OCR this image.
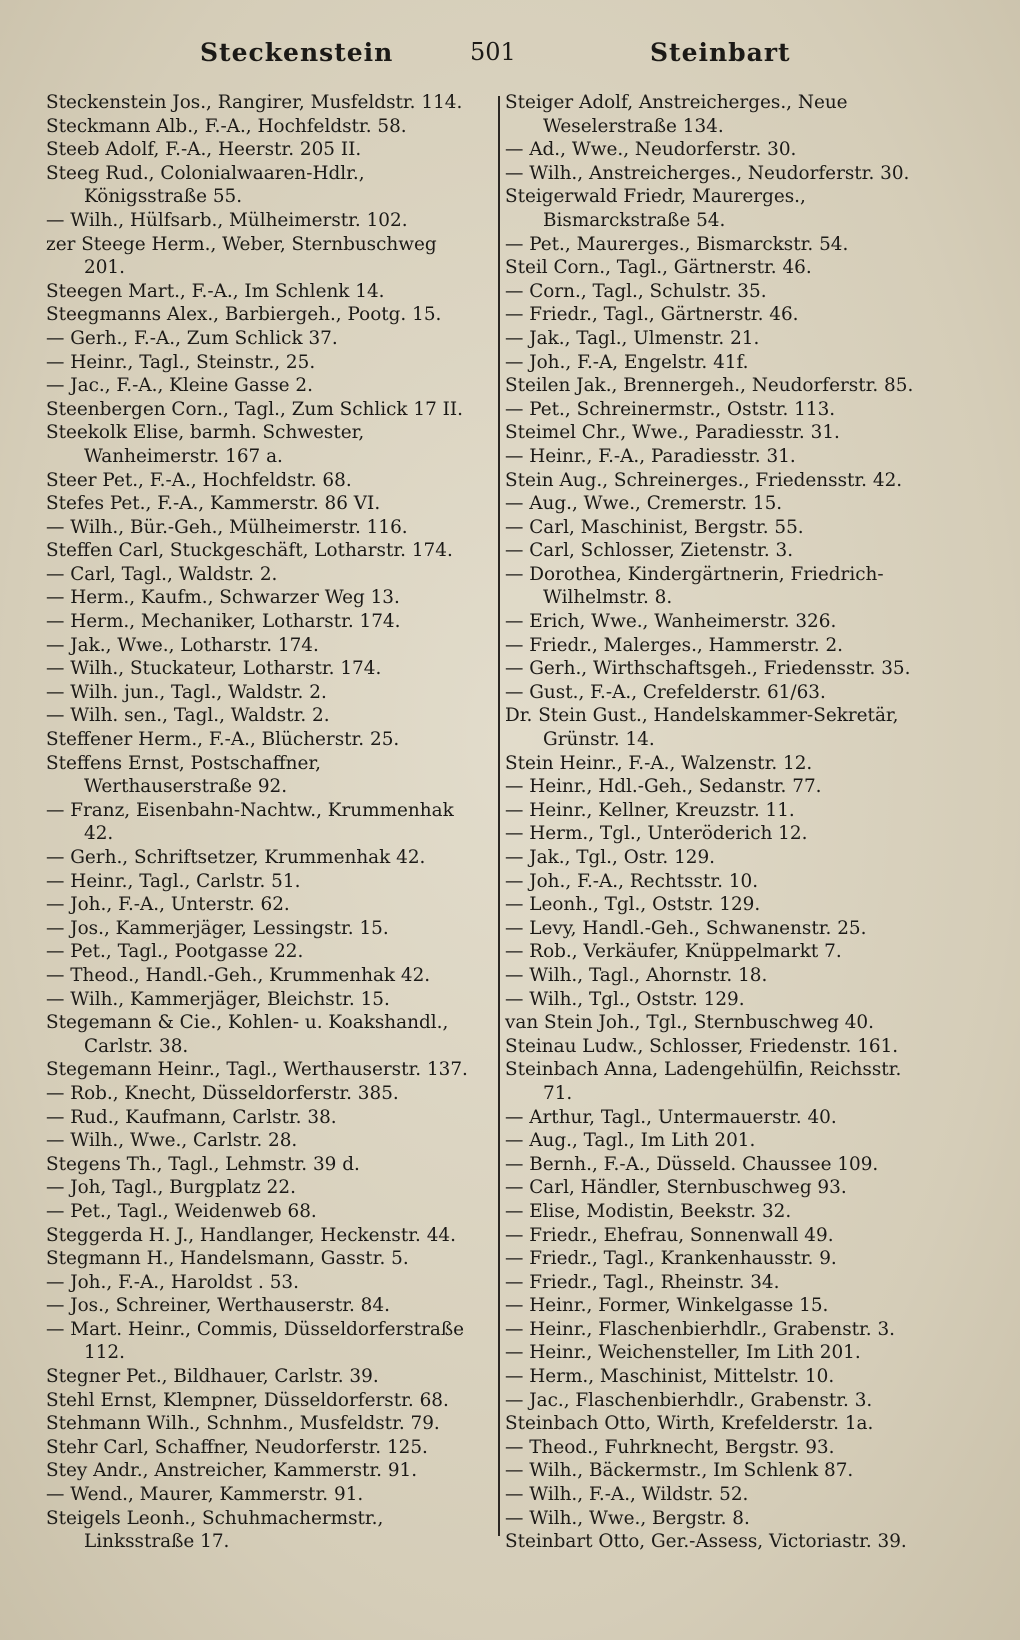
Steckenstein	501	Steinbart

Steckenstein Jos., Rangirer, Musfeldstr. 114.

Steckmann Alb., F.-A., Hochfeldstr. 58.

Steeb Adolf, F.-A., Heerstr. 205 II.

Steeg Rud., Colonialwaaren-Hdlr., Königsstraße 55.

— Wilh., Hülfsarb., Mülheimerstr. 102.

zer Steege Herm., Weber, Sternbuschweg 201.

Steegen Mart., F.-A., Im Schlenk 14.

Steegmanns Alex., Barbiergeh., Pootg. 15.

— Gerh., F.-A., Zum Schlick 37.

— Heinr., Tagl., Steinstr., 25.

— Jac., F.-A., Kleine Gasse 2.

Steenbergen Corn., Tagl., Zum Schlick 17 II.

Steekolk Elise, barmh. Schwester, Wanheimerstr. 167 a.

Steer Pet., F.-A., Hochfeldstr. 68.

Stefes Pet., F.-A., Kammerstr. 86 VI.

— Wilh., Bür.-Geh., Mülheimerstr. 116.

Steffen Carl, Stuckgeschäft, Lotharstr. 174.

— Carl, Tagl., Waldstr. 2.

— Herm., Kaufm., Schwarzer Weg 13.

— Herm., Mechaniker, Lotharstr. 174.

— Jak., Wwe., Lotharstr. 174.

— Wilh., Stuckateur, Lotharstr. 174.

— Wilh. jun., Tagl., Waldstr. 2.

— Wilh. sen., Tagl., Waldstr. 2.

Steffener Herm., F.-A., Blücherstr. 25.

Steffens Ernst, Postschaffner, Werthauserstraße 92.

— Franz, Eisenbahn-Nachtw., Krummenhak 42.

— Gerh., Schriftsetzer, Krummenhak 42.

— Heinr., Tagl., Carlstr. 51.

— Joh., F.-A., Unterstr. 62.

— Jos., Kammerjäger, Lessingstr. 15.

— Pet., Tagl., Pootgasse 22.

— Theod., Handl.-Geh., Krummenhak 42.

— Wilh., Kammerjäger, Bleichstr. 15.

Stegemann & Cie., Kohlen- u. Koakshandl., Carlstr. 38.

Stegemann Heinr., Tagl., Werthauserstr. 137.

— Rob., Knecht, Düsseldorferstr. 385.

— Rud., Kaufmann, Carlstr. 38.

— Wilh., Wwe., Carlstr. 28.

Stegens Th., Tagl., Lehmstr. 39 d.

— Joh, Tagl., Burgplatz 22.

— Pet., Tagl., Weidenweb 68.

Steggerda H. J., Handlanger, Heckenstr. 44.

Stegmann H., Handelsmann, Gasstr. 5.

— Joh., F.-A., Haroldst . 53.

— Jos., Schreiner, Werthauserstr. 84.

— Mart. Heinr., Commis, Düsseldorferstraße 112.

Stegner Pet., Bildhauer, Carlstr. 39.

Stehl Ernst, Klempner, Düsseldorferstr. 68.

Stehmann Wilh., Schnhm., Musfeldstr. 79.

Stehr Carl, Schaffner, Neudorferstr. 125.

Stey Andr., Anstreicher, Kammerstr. 91.

— Wend., Maurer, Kammerstr. 91.

Steigels Leonh., Schuhmachermstr., Linksstraße 17.

Steiger Adolf, Anstreicherges., Neue Weselerstraße 134.

— Ad., Wwe., Neudorferstr. 30.

— Wilh., Anstreicherges., Neudorferstr. 30.

Steigerwald Friedr, Maurerges., Bismarckstraße 54.

— Pet., Maurerges., Bismarckstr. 54.

Steil Corn., Tagl., Gärtnerstr. 46.

— Corn., Tagl., Schulstr. 35.

— Friedr., Tagl., Gärtnerstr. 46.

— Jak., Tagl., Ulmenstr. 21.

— Joh., F.-A, Engelstr. 41f.

Steilen Jak., Brennergeh., Neudorferstr. 85.

— Pet., Schreinermstr., Oststr. 113.

Steimel Chr., Wwe., Paradiesstr. 31.

— Heinr., F.-A., Paradiesstr. 31.

Stein Aug., Schreinerges., Friedensstr. 42.

— Aug., Wwe., Cremerstr. 15.

— Carl, Maschinist, Bergstr. 55.

— Carl, Schlosser, Zietenstr. 3.

— Dorothea, Kindergärtnerin, Friedrich-Wilhelmstr. 8.

— Erich, Wwe., Wanheimerstr. 326.

— Friedr., Malerges., Hammerstr. 2.

— Gerh., Wirthschaftsgeh., Friedensstr. 35.

— Gust., F.-A., Crefelderstr. 61/63.

Dr. Stein Gust., Handelskammer-Sekretär, Grünstr. 14.

Stein Heinr., F.-A., Walzenstr. 12.

— Heinr., Hdl.-Geh., Sedanstr. 77.

— Heinr., Kellner, Kreuzstr. 11.

— Herm., Tgl., Unteröderich 12.

— Jak., Tgl., Ostr. 129.

— Joh., F.-A., Rechtsstr. 10.

— Leonh., Tgl., Oststr. 129.

— Levy, Handl.-Geh., Schwanenstr. 25.

— Rob., Verkäufer, Knüppelmarkt 7.

— Wilh., Tagl., Ahornstr. 18.

— Wilh., Tgl., Oststr. 129.

van Stein Joh., Tgl., Sternbuschweg 40.

Steinau Ludw., Schlosser, Friedenstr. 161.

Steinbach Anna, Ladengehülfin, Reichsstr. 71.

— Arthur, Tagl., Untermauerstr. 40.

— Aug., Tagl., Im Lith 201.

— Bernh., F.-A., Düsseld. Chaussee 109.

— Carl, Händler, Sternbuschweg 93.

— Elise, Modistin, Beekstr. 32.

— Friedr., Ehefrau, Sonnenwall 49.

— Friedr., Tagl., Krankenhausstr. 9.

— Friedr., Tagl., Rheinstr. 34.

— Heinr., Former, Winkelgasse 15.

— Heinr., Flaschenbierhdlr., Grabenstr. 3.

— Heinr., Weichensteller, Im Lith 201.

— Herm., Maschinist, Mittelstr. 10.

— Jac., Flaschenbierhdlr., Grabenstr. 3.

Steinbach Otto, Wirth, Krefelderstr. 1a.

— Theod., Fuhrknecht, Bergstr. 93.

— Wilh., Bäckermstr., Im Schlenk 87.

— Wilh., F.-A., Wildstr. 52.

— Wilh., Wwe., Bergstr. 8.

Steinbart Otto, Ger.-Assess, Victoriastr. 39.
